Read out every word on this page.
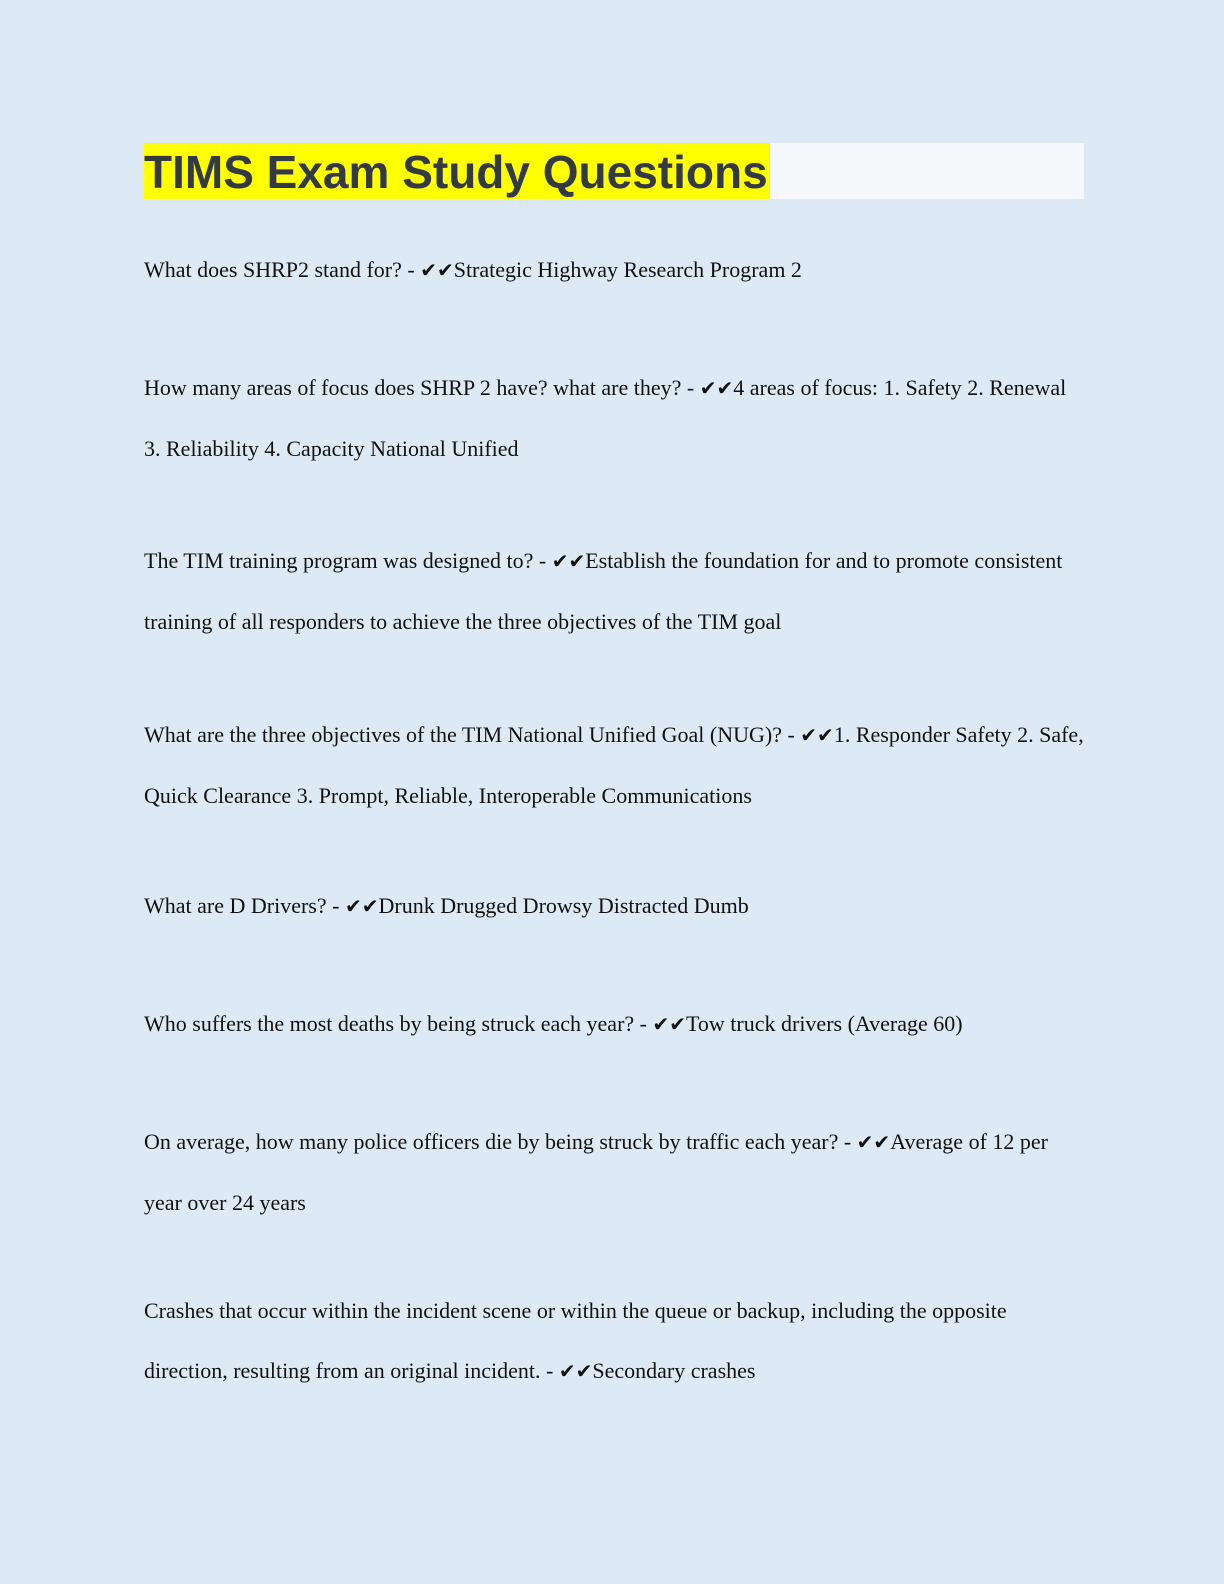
TIMS Exam Study Questions

What does SHRP2 stand for? - ✔✔Strategic Highway Research Program 2

How many areas of focus does SHRP 2 have? what are they? - ✔✔4 areas of focus: 1. Safety 2. Renewal 3. Reliability 4. Capacity National Unified

The TIM training program was designed to? - ✔✔Establish the foundation for and to promote consistent training of all responders to achieve the three objectives of the TIM goal

What are the three objectives of the TIM National Unified Goal (NUG)? - ✔✔1. Responder Safety 2. Safe, Quick Clearance 3. Prompt, Reliable, Interoperable Communications

What are D Drivers? - ✔✔Drunk Drugged Drowsy Distracted Dumb

Who suffers the most deaths by being struck each year? - ✔✔Tow truck drivers (Average 60)

On average, how many police officers die by being struck by traffic each year? - ✔✔Average of 12 per year over 24 years

Crashes that occur within the incident scene or within the queue or backup, including the opposite direction, resulting from an original incident. - ✔✔Secondary crashes
